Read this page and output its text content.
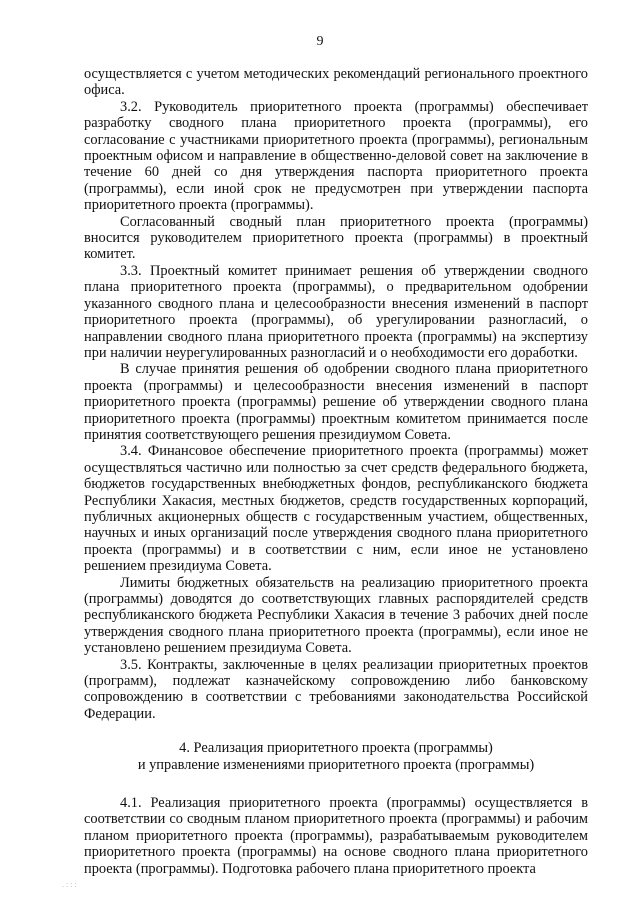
9

осуществляется с учетом методических рекомендаций регионального проектного офиса.

3.2. Руководитель приоритетного проекта (программы) обеспечивает разработку сводного плана приоритетного проекта (программы), его согласование с участниками приоритетного проекта (программы), региональным проектным офисом и направление в общественно-деловой совет на заключение в течение 60 дней со дня утверждения паспорта приоритетного проекта (программы), если иной срок не предусмотрен при утверждении паспорта приоритетного проекта (программы).

Согласованный сводный план приоритетного проекта (программы) вносится руководителем приоритетного проекта (программы) в проектный комитет.

3.3. Проектный комитет принимает решения об утверждении сводного плана приоритетного проекта (программы), о предварительном одобрении указанного сводного плана и целесообразности внесения изменений в паспорт приоритетного проекта (программы), об урегулировании разногласий, о направлении сводного плана приоритетного проекта (программы) на экспертизу при наличии неурегулированных разногласий и о необходимости его доработки.

В случае принятия решения об одобрении сводного плана приоритетного проекта (программы) и целесообразности внесения изменений в паспорт приоритетного проекта (программы) решение об утверждении сводного плана приоритетного проекта (программы) проектным комитетом принимается после принятия соответствующего решения президиумом Совета.

3.4. Финансовое обеспечение приоритетного проекта (программы) может осуществляться частично или полностью за счет средств федерального бюджета, бюджетов государственных внебюджетных фондов, республиканского бюджета Республики Хакасия, местных бюджетов, средств государственных корпораций, публичных акционерных обществ с государственным участием, общественных, научных и иных организаций после утверждения сводного плана приоритетного проекта (программы) и в соответствии с ним, если иное не установлено решением президиума Совета.

Лимиты бюджетных обязательств на реализацию приоритетного проекта (программы) доводятся до соответствующих главных распорядителей средств республиканского бюджета Республики Хакасия в течение 3 рабочих дней после утверждения сводного плана приоритетного проекта (программы), если иное не установлено решением президиума Совета.

3.5. Контракты, заключенные в целях реализации приоритетных проектов (программ), подлежат казначейскому сопровождению либо банковскому сопровождению в соответствии с требованиями законодательства Российской Федерации.

4. Реализация приоритетного проекта (программы)
и управление изменениями приоритетного проекта (программы)

4.1. Реализация приоритетного проекта (программы) осуществляется в соответствии со сводным планом приоритетного проекта (программы) и рабочим планом приоритетного проекта (программы), разрабатываемым руководителем приоритетного проекта (программы) на основе сводного плана приоритетного проекта (программы). Подготовка рабочего плана приоритетного проекта

. : : :
